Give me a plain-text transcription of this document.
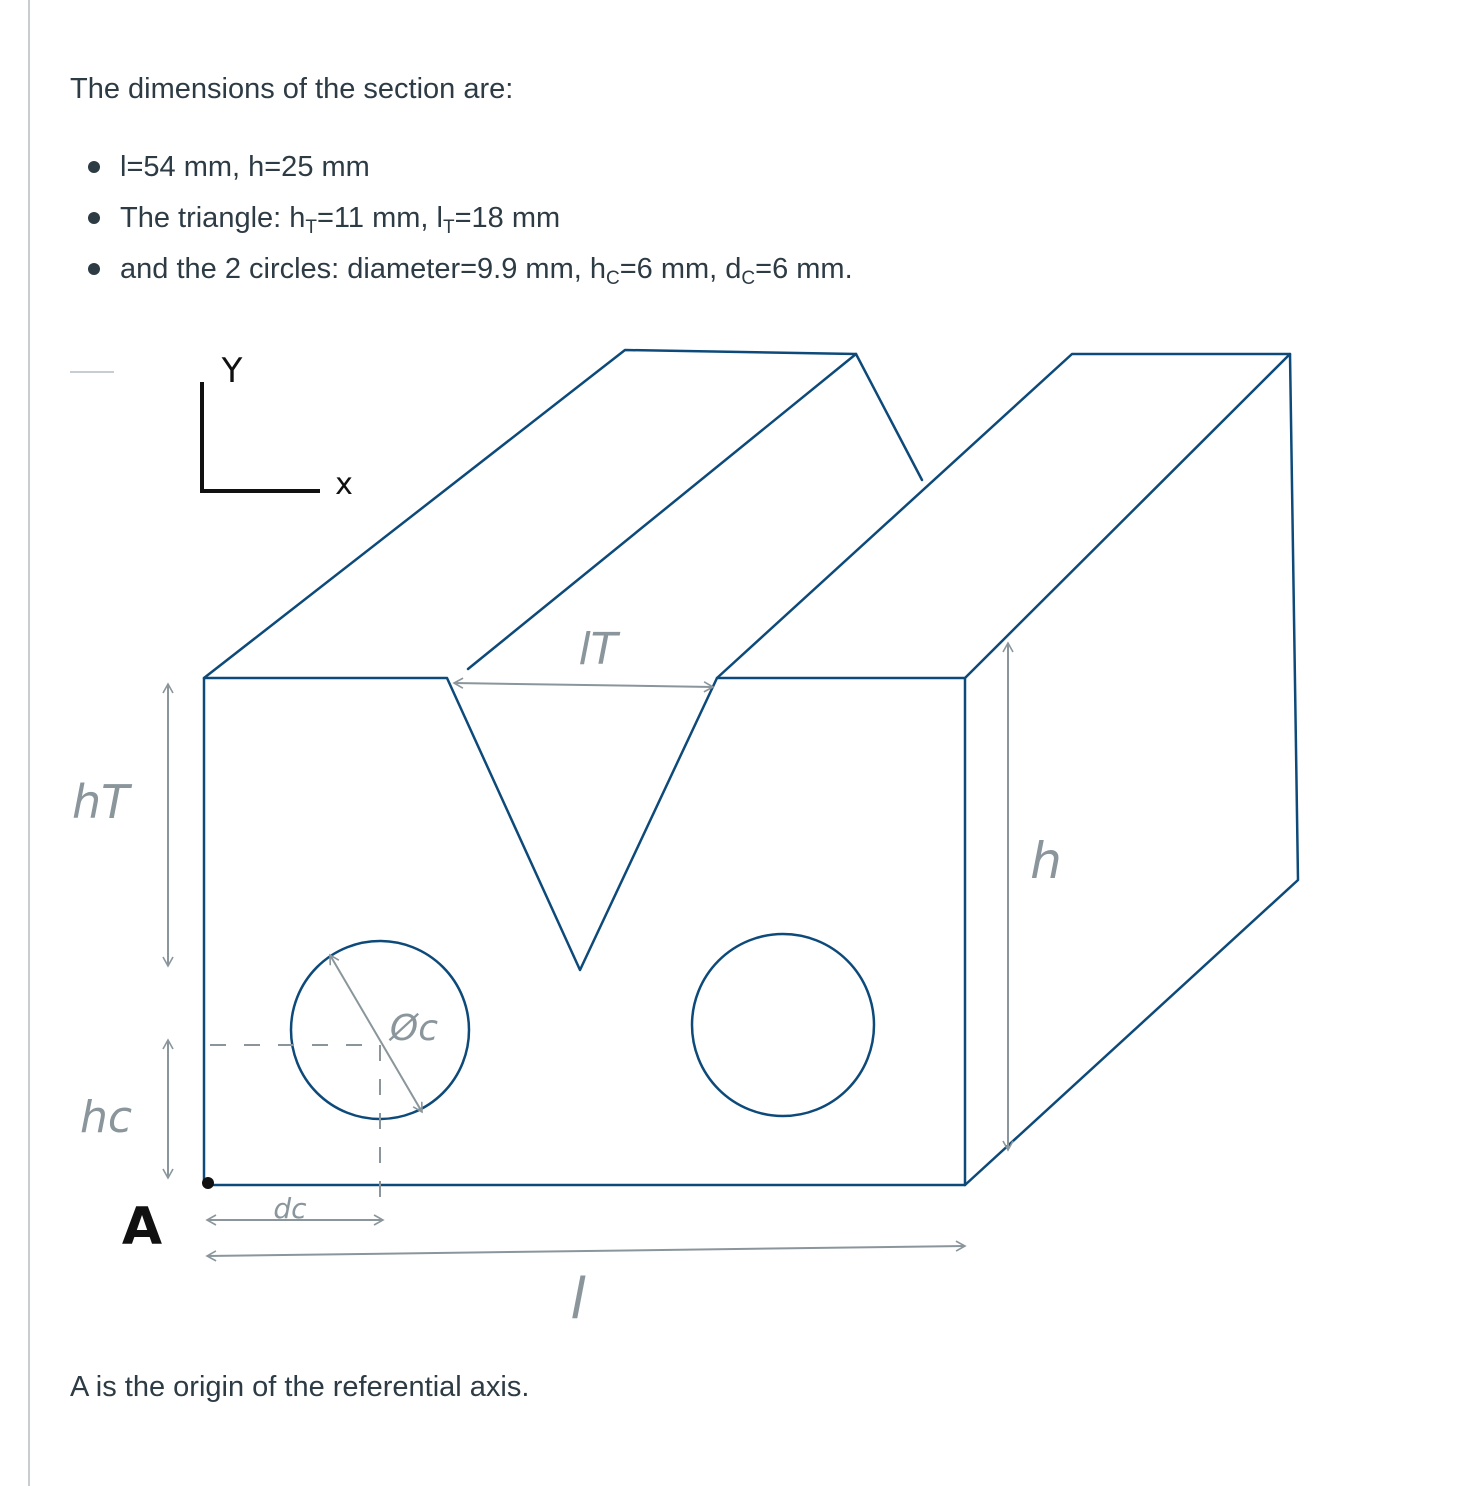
The dimensions of the section are:

l=54 mm, h=25 mm
The triangle: $h_T=11$ mm, $l_T=18$ mm
and the 2 circles: diameter=9.9 mm, $h_C=6$ mm, $d_C=6$ mm.
Y
x
hT
hc
dc
lT
h
l
Øc
A

A is the origin of the referential axis.
